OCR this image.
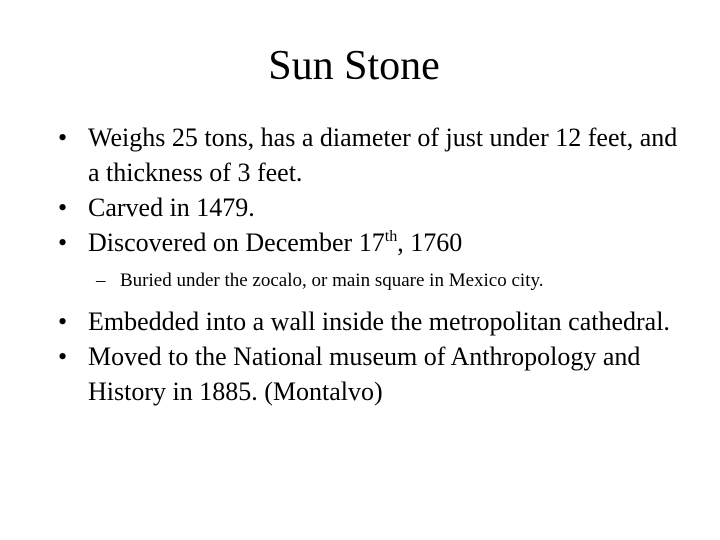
Sun Stone
• Weighs 25 tons, has a diameter of just under 12 feet, and a thickness of 3 feet.
• Carved in 1479.
• Discovered on December 17th, 1760
– Buried under the zocalo, or main square in Mexico city.
• Embedded into a wall inside the metropolitan cathedral.
• Moved to the National museum of Anthropology and History in 1885. (Montalvo)
